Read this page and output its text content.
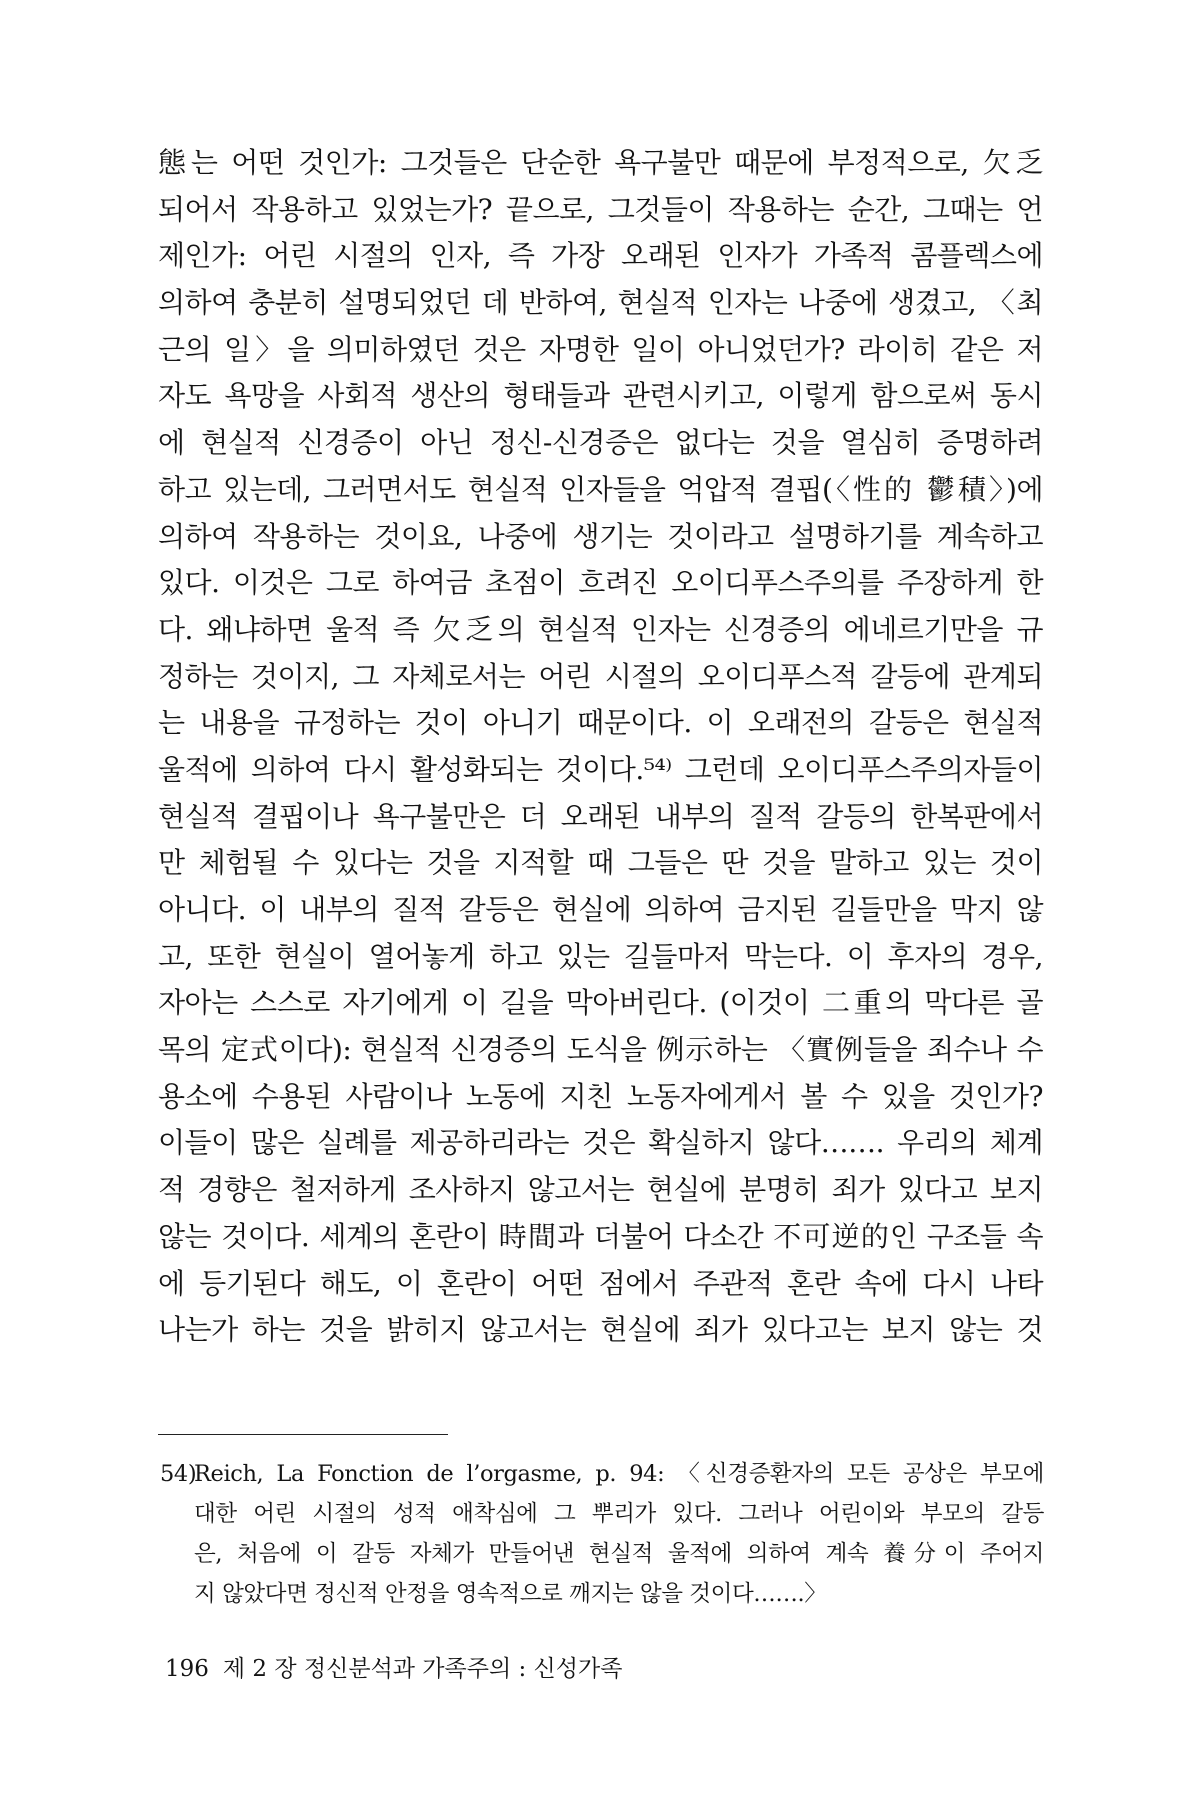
態는 어떤 것인가: 그것들은 단순한 욕구불만 때문에 부정적으로, 欠乏
되어서 작용하고 있었는가? 끝으로, 그것들이 작용하는 순간, 그때는 언
제인가: 어린 시절의 인자, 즉 가장 오래된 인자가 가족적 콤플렉스에
의하여 충분히 설명되었던 데 반하여, 현실적 인자는 나중에 생겼고, 〈최
근의 일〉을 의미하였던 것은 자명한 일이 아니었던가? 라이히 같은 저
자도 욕망을 사회적 생산의 형태들과 관련시키고, 이렇게 함으로써 동시
에 현실적 신경증이 아닌 정신-신경증은 없다는 것을 열심히 증명하려
하고 있는데, 그러면서도 현실적 인자들을 억압적 결핍(〈性的 鬱積〉)에
의하여 작용하는 것이요, 나중에 생기는 것이라고 설명하기를 계속하고
있다. 이것은 그로 하여금 초점이 흐려진 오이디푸스주의를 주장하게 한
다. 왜냐하면 울적 즉 欠乏의 현실적 인자는 신경증의 에네르기만을 규
정하는 것이지, 그 자체로서는 어린 시절의 오이디푸스적 갈등에 관계되
는 내용을 규정하는 것이 아니기 때문이다. 이 오래전의 갈등은 현실적
울적에 의하여 다시 활성화되는 것이다.⁵⁴⁾ 그런데 오이디푸스주의자들이
현실적 결핍이나 욕구불만은 더 오래된 내부의 질적 갈등의 한복판에서
만 체험될 수 있다는 것을 지적할 때 그들은 딴 것을 말하고 있는 것이
아니다. 이 내부의 질적 갈등은 현실에 의하여 금지된 길들만을 막지 않
고, 또한 현실이 열어놓게 하고 있는 길들마저 막는다. 이 후자의 경우,
자아는 스스로 자기에게 이 길을 막아버린다. (이것이 二重의 막다른 골
목의 定式이다): 현실적 신경증의 도식을 例示하는 〈實例들을 죄수나 수
용소에 수용된 사람이나 노동에 지친 노동자에게서 볼 수 있을 것인가?
이들이 많은 실례를 제공하리라는 것은 확실하지 않다……. 우리의 체계
적 경향은 철저하게 조사하지 않고서는 현실에 분명히 죄가 있다고 보지
않는 것이다. 세계의 혼란이 時間과 더불어 다소간 不可逆的인 구조들 속
에 등기된다 해도, 이 혼란이 어떤 점에서 주관적 혼란 속에 다시 나타
나는가 하는 것을 밝히지 않고서는 현실에 죄가 있다고는 보지 않는 것
54)Reich, La Fonction de l’orgasme, p. 94: 〈신경증환자의 모든 공상은 부모에
대한 어린 시절의 성적 애착심에 그 뿌리가 있다. 그러나 어린이와 부모의 갈등
은, 처음에 이 갈등 자체가 만들어낸 현실적 울적에 의하여 계속 養分이 주어지
지 않았다면 정신적 안정을 영속적으로 깨지는 않을 것이다…….〉
196 제 2 장 정신분석과 가족주의 : 신성가족
